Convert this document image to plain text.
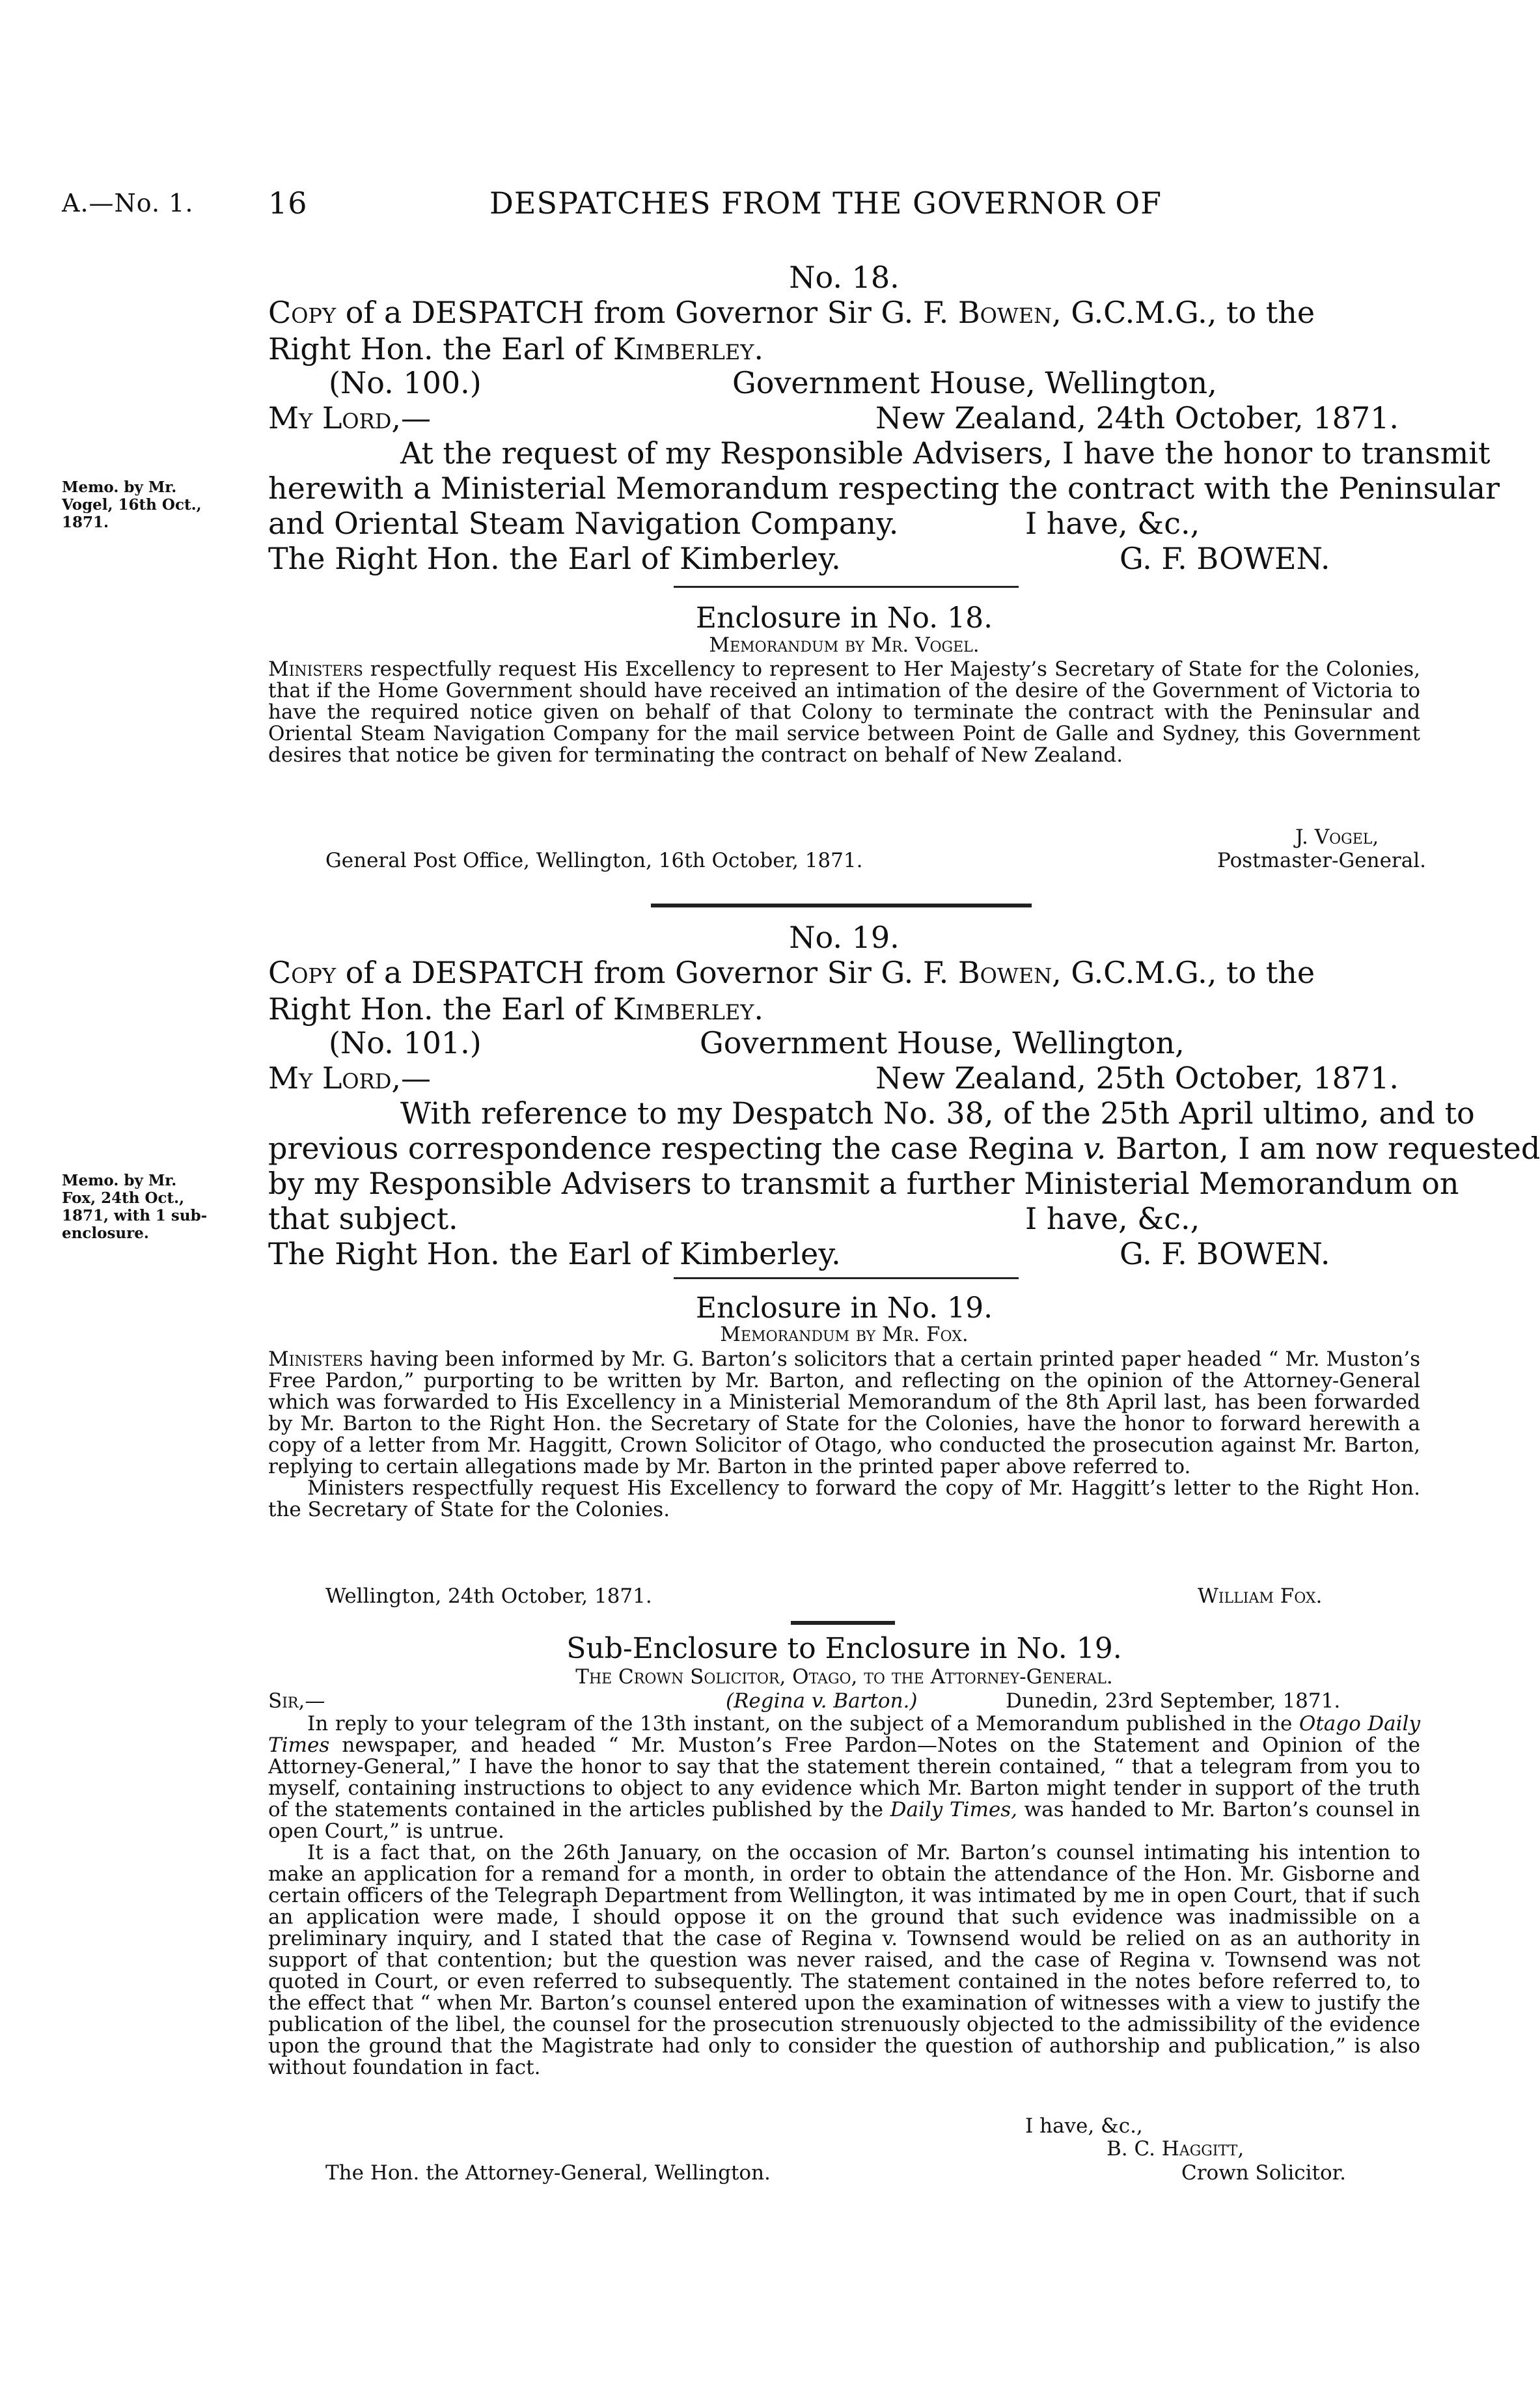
A.—No. 1. 16	DESPATCHES FROM THE GOVERNOR OF
No. 18.
Copy of a DESPATCH from Governor Sir G. F. Bowen, G.C.M.G., to the
Right Hon. the Earl of Kimberley.
(No. 100.)	Government House, Wellington,
My Lord,—	New Zealand, 24th October, 1871.
At the request of my Responsible Advisers, I have the honor to transmit
herewith a Ministerial Memorandum respecting the contract with the Peninsular
and Oriental Steam Navigation Company.	I have, &c.,
The Right Hon. the Earl of Kimberley.	G. F. BOWEN.
Memo. by Mr.
Vogel, 16th Oct.,
1871.
Enclosure in No. 18.
Memorandum by Mr. Vogel.

Ministers respectfully request His Excellency to represent to Her Majesty’s Secretary of State for the Colonies, that if the Home Government should have received an intimation of the desire of the Government of Victoria to have the required notice given on behalf of that Colony to terminate the contract with the Peninsular and Oriental Steam Navigation Company for the mail service between Point de Galle and Sydney, this Government desires that notice be given for terminating the contract on behalf of New Zealand.

J. Vogel,
General Post Office, Wellington, 16th October, 1871.	Postmaster-General.
No. 19.
Copy of a DESPATCH from Governor Sir G. F. Bowen, G.C.M.G., to the
Right Hon. the Earl of Kimberley.
(No. 101.)	Government House, Wellington,
My Lord,—	New Zealand, 25th October, 1871.
With reference to my Despatch No. 38, of the 25th April ultimo, and to
previous correspondence respecting the case Regina v. Barton, I am now requested
by my Responsible Advisers to transmit a further Ministerial Memorandum on
that subject.	I have, &c.,
The Right Hon. the Earl of Kimberley.	G. F. BOWEN.
Memo. by Mr.
Fox, 24th Oct.,
1871, with 1 sub-
enclosure.
Enclosure in No. 19.
Memorandum by Mr. Fox.

Ministers having been informed by Mr. G. Barton’s solicitors that a certain printed paper headed “ Mr. Muston’s Free Pardon,” purporting to be written by Mr. Barton, and reflecting on the opinion of the Attorney-General which was forwarded to His Excellency in a Ministerial Memorandum of the 8th April last, has been forwarded by Mr. Barton to the Right Hon. the Secretary of State for the Colonies, have the honor to forward herewith a copy of a letter from Mr. Haggitt, Crown Solicitor of Otago, who conducted the prosecution against Mr. Barton, replying to certain allegations made by Mr. Barton in the printed paper above referred to.

Ministers respectfully request His Excellency to forward the copy of Mr. Haggitt’s letter to the Right Hon. the Secretary of State for the Colonies.

Wellington, 24th October, 1871.	William Fox.
Sub-Enclosure to Enclosure in No. 19.
The Crown Solicitor, Otago, to the Attorney-General.
Sir,—	(Regina v. Barton.)	Dunedin, 23rd September, 1871.

In reply to your telegram of the 13th instant, on the subject of a Memorandum published in the Otago Daily Times newspaper, and headed “ Mr. Muston’s Free Pardon—Notes on the Statement and Opinion of the Attorney-General,” I have the honor to say that the statement therein contained, “ that a telegram from you to myself, containing instructions to object to any evidence which Mr. Barton might tender in support of the truth of the statements contained in the articles published by the Daily Times, was handed to Mr. Barton’s counsel in open Court,” is untrue.

It is a fact that, on the 26th January, on the occasion of Mr. Barton’s counsel intimating his intention to make an application for a remand for a month, in order to obtain the attendance of the Hon. Mr. Gisborne and certain officers of the Telegraph Department from Wellington, it was intimated by me in open Court, that if such an application were made, I should oppose it on the ground that such evidence was inadmissible on a preliminary inquiry, and I stated that the case of Regina v. Townsend would be relied on as an authority in support of that contention; but the question was never raised, and the case of Regina v. Townsend was not quoted in Court, or even referred to subsequently. The statement contained in the notes before referred to, to the effect that “ when Mr. Barton’s counsel entered upon the examination of witnesses with a view to justify the publication of the libel, the counsel for the prosecution strenuously objected to the admissibility of the evidence upon the ground that the Magistrate had only to consider the question of authorship and publication,” is also without foundation in fact.

I have, &c.,
B. C. Haggitt,
The Hon. the Attorney-General, Wellington.	Crown Solicitor.
